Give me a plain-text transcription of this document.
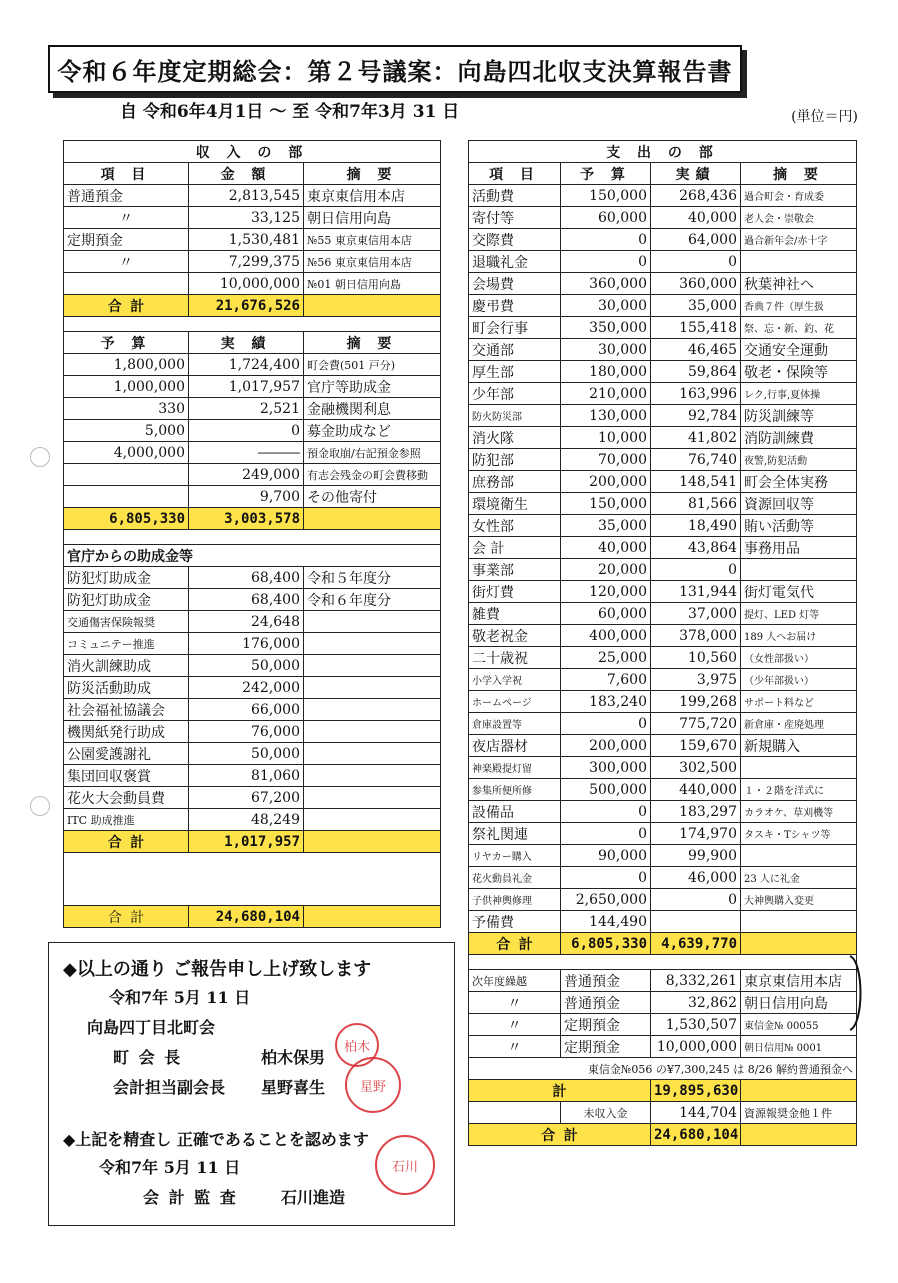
令和６年度定期総会：第２号議案：向島四北収支決算報告書
自 令和6年4月1日 ～ 至 令和7年3月 31 日	(単位＝円)
収 入 の 部		
項 目	金 額	摘 要
普通預金	2,813,545	東京東信用本店
〃	33,125	朝日信用向島
定期預金	1,530,481	№55 東京東信用本店
〃	7,299,375	№56 東京東信用本店
	10,000,000	№01 朝日信用向島
合 計	21,676,526	

予 算	実 績	摘 要
1,800,000	1,724,400	町会費(501 戸分)
1,000,000	1,017,957	官庁等助成金
330	2,521	金融機関利息
5,000	0	募金助成など
4,000,000	―――	預金取崩/右記預金参照
	249,000	有志会残金の町会費移動
	9,700	その他寄付
6,805,330	3,003,578	

官庁からの助成金等		
防犯灯助成金	68,400	令和５年度分
防犯灯助成金	68,400	令和６年度分
交通傷害保険報奨	24,648	
コミュニテー推進	176,000	
消火訓練助成	50,000	
防災活動助成	242,000	
社会福祉協議会	66,000	
機関紙発行助成	76,000	
公園愛護謝礼	50,000	
集団回収褒賞	81,060	
花火大会動員費	67,200	
ITC 助成推進	48,249	
合 計	1,017,957	

合 計	24,680,104	
支 出 の 部			
項 目	予 算	実績	摘 要
活動費	150,000	268,436	過合町会・育成委
寄付等	60,000	40,000	老人会・崇敬会
交際費	0	64,000	過合新年会/赤十字
退職礼金	0	0	
会場費	360,000	360,000	秋葉神社へ
慶弔費	30,000	35,000	香典７件（厚生扱
町会行事	350,000	155,418	祭、忘・新、釣、花
交通部	30,000	46,465	交通安全運動
厚生部	180,000	59,864	敬老・保険等
少年部	210,000	163,996	レク,行事,夏体操
防火防災部	130,000	92,784	防災訓練等
消火隊	10,000	41,802	消防訓練費
防犯部	70,000	76,740	夜警,防犯活動
庶務部	200,000	148,541	町会全体実務
環境衛生	150,000	81,566	資源回収等
女性部	35,000	18,490	賄い活動等
会 計	40,000	43,864	事務用品
事業部	20,000	0	
街灯費	120,000	131,944	街灯電気代
雑費	60,000	37,000	提灯、LED 灯等
敬老祝金	400,000	378,000	189 人へお届け
二十歳祝	25,000	10,560	（女性部扱い）
小学入学祝	7,600	3,975	（少年部扱い）
ホームページ	183,240	199,268	サポート料など
倉庫設置等	0	775,720	新倉庫・産廃処理
夜店器材	200,000	159,670	新規購入
神楽殿提灯留	300,000	302,500	
参集所便所修	500,000	440,000	１・２階を洋式に
設備品	0	183,297	カラオケ、草刈機等
祭礼関連	0	174,970	タスキ・Tシャツ等
リヤカー購入	90,000	99,900	
花火動員礼金	0	46,000	23 人に礼金
子供神輿修理	2,650,000	0	大神輿購入変更
予備費	144,490		
合 計	6,805,330	4,639,770	

次年度繰越	普通預金	8,332,261	東京東信用本店
〃	普通預金	32,862	朝日信用向島
〃	定期預金	1,530,507	東信金№ 00055
〃	定期預金	10,000,000	朝日信用№ 0001
東信金№056 の¥7,300,245 は 8/26 解約普通預金へ			
計		19,895,630	
	未収入金	144,704	資源報奨金他１件
合 計		24,680,104	
◆以上の通り ご報告申し上げ致します
令和7年 5月 11 日
向島四丁目北町会
町 会 長	柏木保男
会計担当副会長 星野喜生
◆上記を精査し 正確であることを認めます
令和7年 5月 11 日
会 計 監 査	石川進造
柏木
星野
石川
